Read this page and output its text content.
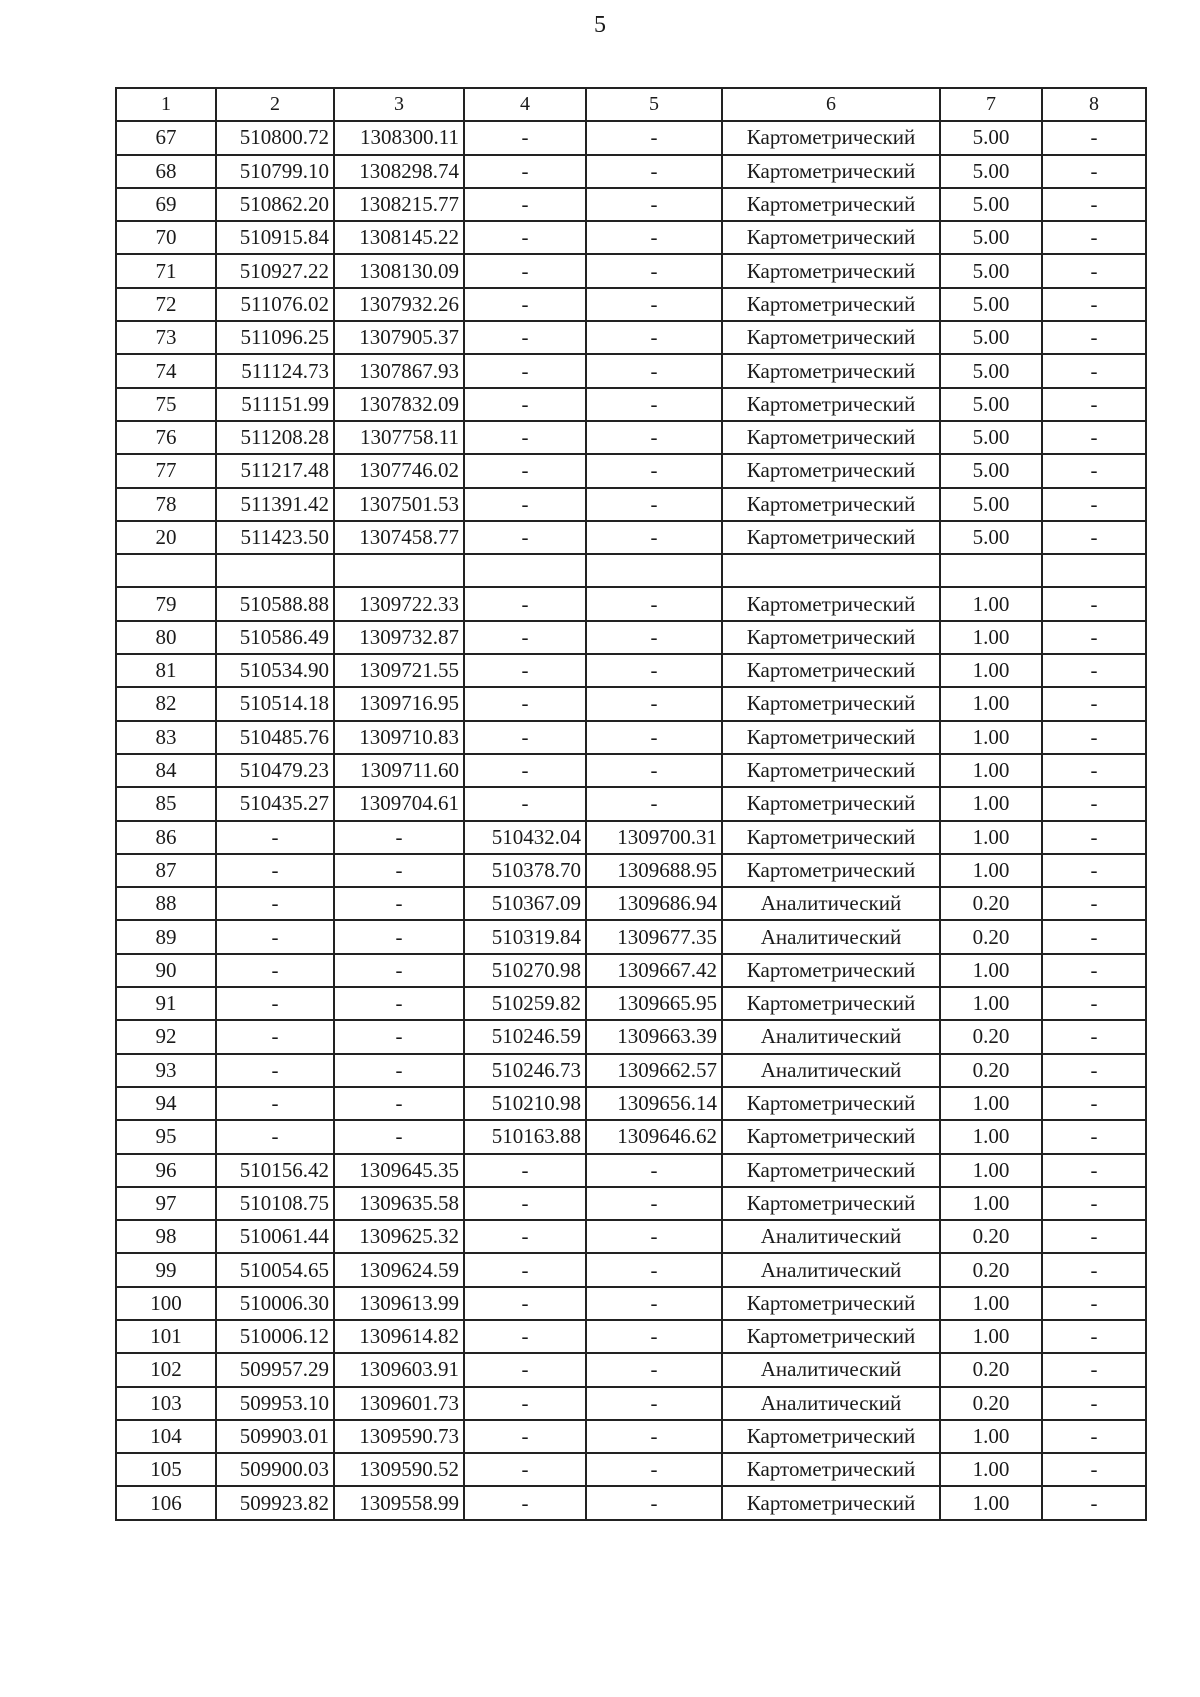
5
1	2	3	4	5	6	7	8
67	510800.72	1308300.11	-	-	Картометрический	5.00	-
68	510799.10	1308298.74	-	-	Картометрический	5.00	-
69	510862.20	1308215.77	-	-	Картометрический	5.00	-
70	510915.84	1308145.22	-	-	Картометрический	5.00	-
71	510927.22	1308130.09	-	-	Картометрический	5.00	-
72	511076.02	1307932.26	-	-	Картометрический	5.00	-
73	511096.25	1307905.37	-	-	Картометрический	5.00	-
74	511124.73	1307867.93	-	-	Картометрический	5.00	-
75	511151.99	1307832.09	-	-	Картометрический	5.00	-
76	511208.28	1307758.11	-	-	Картометрический	5.00	-
77	511217.48	1307746.02	-	-	Картометрический	5.00	-
78	511391.42	1307501.53	-	-	Картометрический	5.00	-
20	511423.50	1307458.77	-	-	Картометрический	5.00	-

79	510588.88	1309722.33	-	-	Картометрический	1.00	-
80	510586.49	1309732.87	-	-	Картометрический	1.00	-
81	510534.90	1309721.55	-	-	Картометрический	1.00	-
82	510514.18	1309716.95	-	-	Картометрический	1.00	-
83	510485.76	1309710.83	-	-	Картометрический	1.00	-
84	510479.23	1309711.60	-	-	Картометрический	1.00	-
85	510435.27	1309704.61	-	-	Картометрический	1.00	-
86	-	-	510432.04	1309700.31	Картометрический	1.00	-
87	-	-	510378.70	1309688.95	Картометрический	1.00	-
88	-	-	510367.09	1309686.94	Аналитический	0.20	-
89	-	-	510319.84	1309677.35	Аналитический	0.20	-
90	-	-	510270.98	1309667.42	Картометрический	1.00	-
91	-	-	510259.82	1309665.95	Картометрический	1.00	-
92	-	-	510246.59	1309663.39	Аналитический	0.20	-
93	-	-	510246.73	1309662.57	Аналитический	0.20	-
94	-	-	510210.98	1309656.14	Картометрический	1.00	-
95	-	-	510163.88	1309646.62	Картометрический	1.00	-
96	510156.42	1309645.35	-	-	Картометрический	1.00	-
97	510108.75	1309635.58	-	-	Картометрический	1.00	-
98	510061.44	1309625.32	-	-	Аналитический	0.20	-
99	510054.65	1309624.59	-	-	Аналитический	0.20	-
100	510006.30	1309613.99	-	-	Картометрический	1.00	-
101	510006.12	1309614.82	-	-	Картометрический	1.00	-
102	509957.29	1309603.91	-	-	Аналитический	0.20	-
103	509953.10	1309601.73	-	-	Аналитический	0.20	-
104	509903.01	1309590.73	-	-	Картометрический	1.00	-
105	509900.03	1309590.52	-	-	Картометрический	1.00	-
106	509923.82	1309558.99	-	-	Картометрический	1.00	-
